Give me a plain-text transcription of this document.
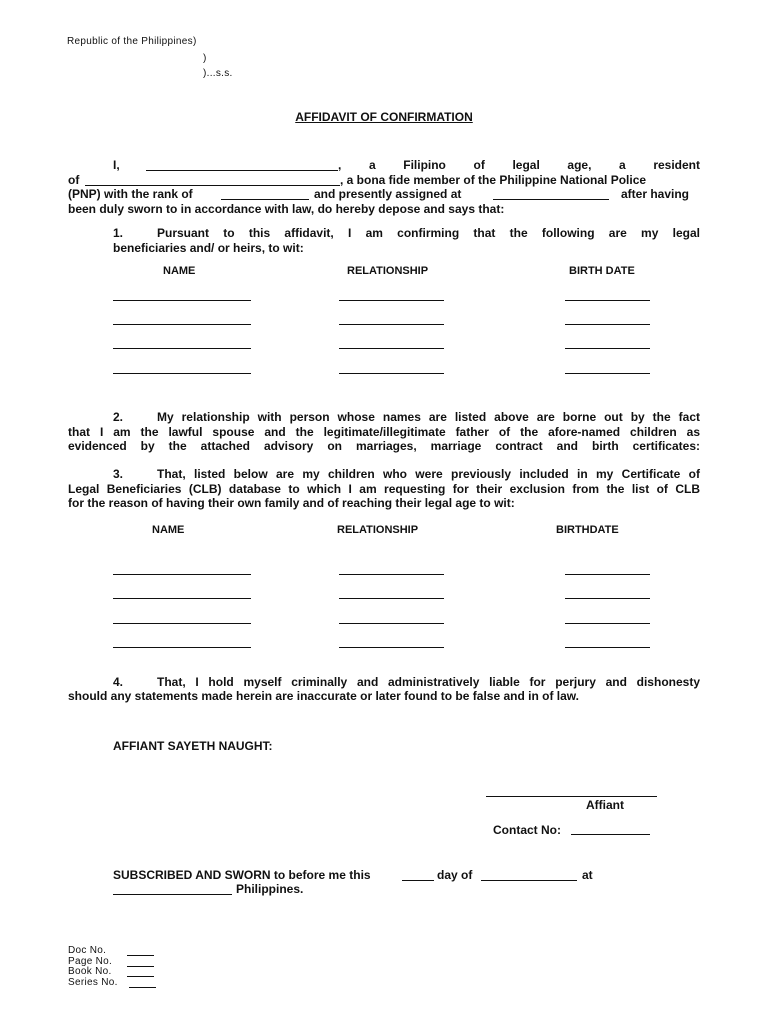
Republic of the Philippines)
)
)...s.s.
AFFIDAVIT OF CONFIRMATION
I,	, a Filipino of legal age, a resident
of	, a bona fide member of the Philippine National Police
(PNP) with the rank of	and presently assigned at	after having
been duly sworn to in accordance with law, do hereby depose and says that:
1.	Pursuant to this affidavit, I am confirming that the following are my legal
beneficiaries and/ or heirs, to wit:
NAME	RELATIONSHIP	BIRTH DATE
2.	My relationship with person whose names are listed above are borne out by the fact
that I am the lawful spouse and the legitimate/illegitimate father of the afore-named children as
evidenced by the attached advisory on marriages, marriage contract and birth certificates:
3.	That, listed below are my children who were previously included in my Certificate of
Legal Beneficiaries (CLB) database to which I am requesting for their exclusion from the list of CLB
for the reason of having their own family and of reaching their legal age to wit:
NAME	RELATIONSHIP	BIRTHDATE
4.	That, I hold myself criminally and administratively liable for perjury and dishonesty
should any statements made herein are inaccurate or later found to be false and in of law.
AFFIANT SAYETH NAUGHT:
Affiant
Contact No:
SUBSCRIBED AND SWORN to before me this	day of	at
Philippines.
Doc No.
Page No.
Book No.
Series No.
